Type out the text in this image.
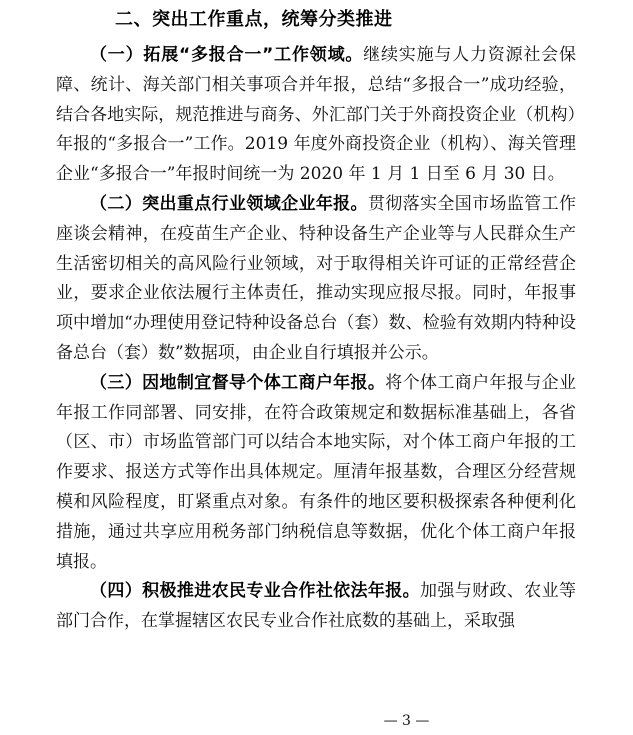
二、突出工作重点，统筹分类推进

（一）拓展“多报合一”工作领域。继续实施与人力资源社会保障、统计、海关部门相关事项合并年报，总结“多报合一”成功经验，结合各地实际，规范推进与商务、外汇部门关于外商投资企业（机构）年报的“多报合一”工作。2019 年度外商投资企业（机构）、海关管理企业“多报合一”年报时间统一为 2020 年 1 月 1 日至 6 月 30 日。

（二）突出重点行业领域企业年报。贯彻落实全国市场监管工作座谈会精神，在疫苗生产企业、特种设备生产企业等与人民群众生产生活密切相关的高风险行业领域，对于取得相关许可证的正常经营企业，要求企业依法履行主体责任，推动实现应报尽报。同时，年报事项中增加“办理使用登记特种设备总台（套）数、检验有效期内特种设备总台（套）数”数据项，由企业自行填报并公示。

（三）因地制宜督导个体工商户年报。将个体工商户年报与企业年报工作同部署、同安排，在符合政策规定和数据标准基础上，各省（区、市）市场监管部门可以结合本地实际，对个体工商户年报的工作要求、报送方式等作出具体规定。厘清年报基数，合理区分经营规模和风险程度，盯紧重点对象。有条件的地区要积极探索各种便利化措施，通过共享应用税务部门纳税信息等数据，优化个体工商户年报填报。

（四）积极推进农民专业合作社依法年报。加强与财政、农业等部门合作，在掌握辖区农民专业合作社底数的基础上，采取强

— 3 —
